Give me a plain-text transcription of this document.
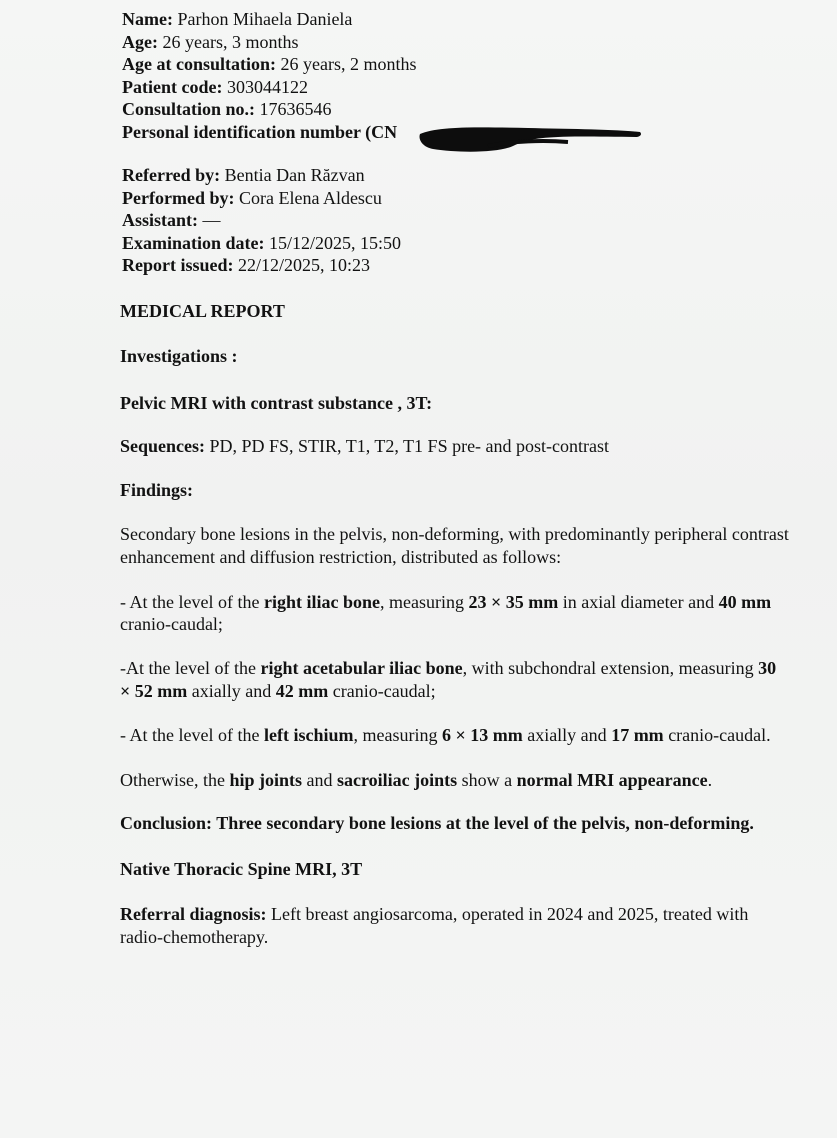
Name: Parhon Mihaela Daniela
Age: 26 years, 3 months
Age at consultation: 26 years, 2 months
Patient code: 303044122
Consultation no.: 17636546
Personal identification number (CN
Referred by: Bentia Dan Răzvan
Performed by: Cora Elena Aldescu
Assistant: —
Examination date: 15/12/2025, 15:50
Report issued: 22/12/2025, 10:23
MEDICAL REPORT
Investigations :
Pelvic MRI with contrast substance , 3T:
Sequences: PD, PD FS, STIR, T1, T2, T1 FS pre- and post-contrast
Findings:
Secondary bone lesions in the pelvis, non-deforming, with predominantly peripheral contrast enhancement and diffusion restriction, distributed as follows:
- At the level of the right iliac bone, measuring 23 × 35 mm in axial diameter and 40 mm cranio-caudal;
-At the level of the right acetabular iliac bone, with subchondral extension, measuring 30 × 52 mm axially and 42 mm cranio-caudal;
- At the level of the left ischium, measuring 6 × 13 mm axially and 17 mm cranio-caudal.
Otherwise, the hip joints and sacroiliac joints show a normal MRI appearance.
Conclusion: Three secondary bone lesions at the level of the pelvis, non-deforming.
Native Thoracic Spine MRI, 3T
Referral diagnosis: Left breast angiosarcoma, operated in 2024 and 2025, treated with radio-chemotherapy.
